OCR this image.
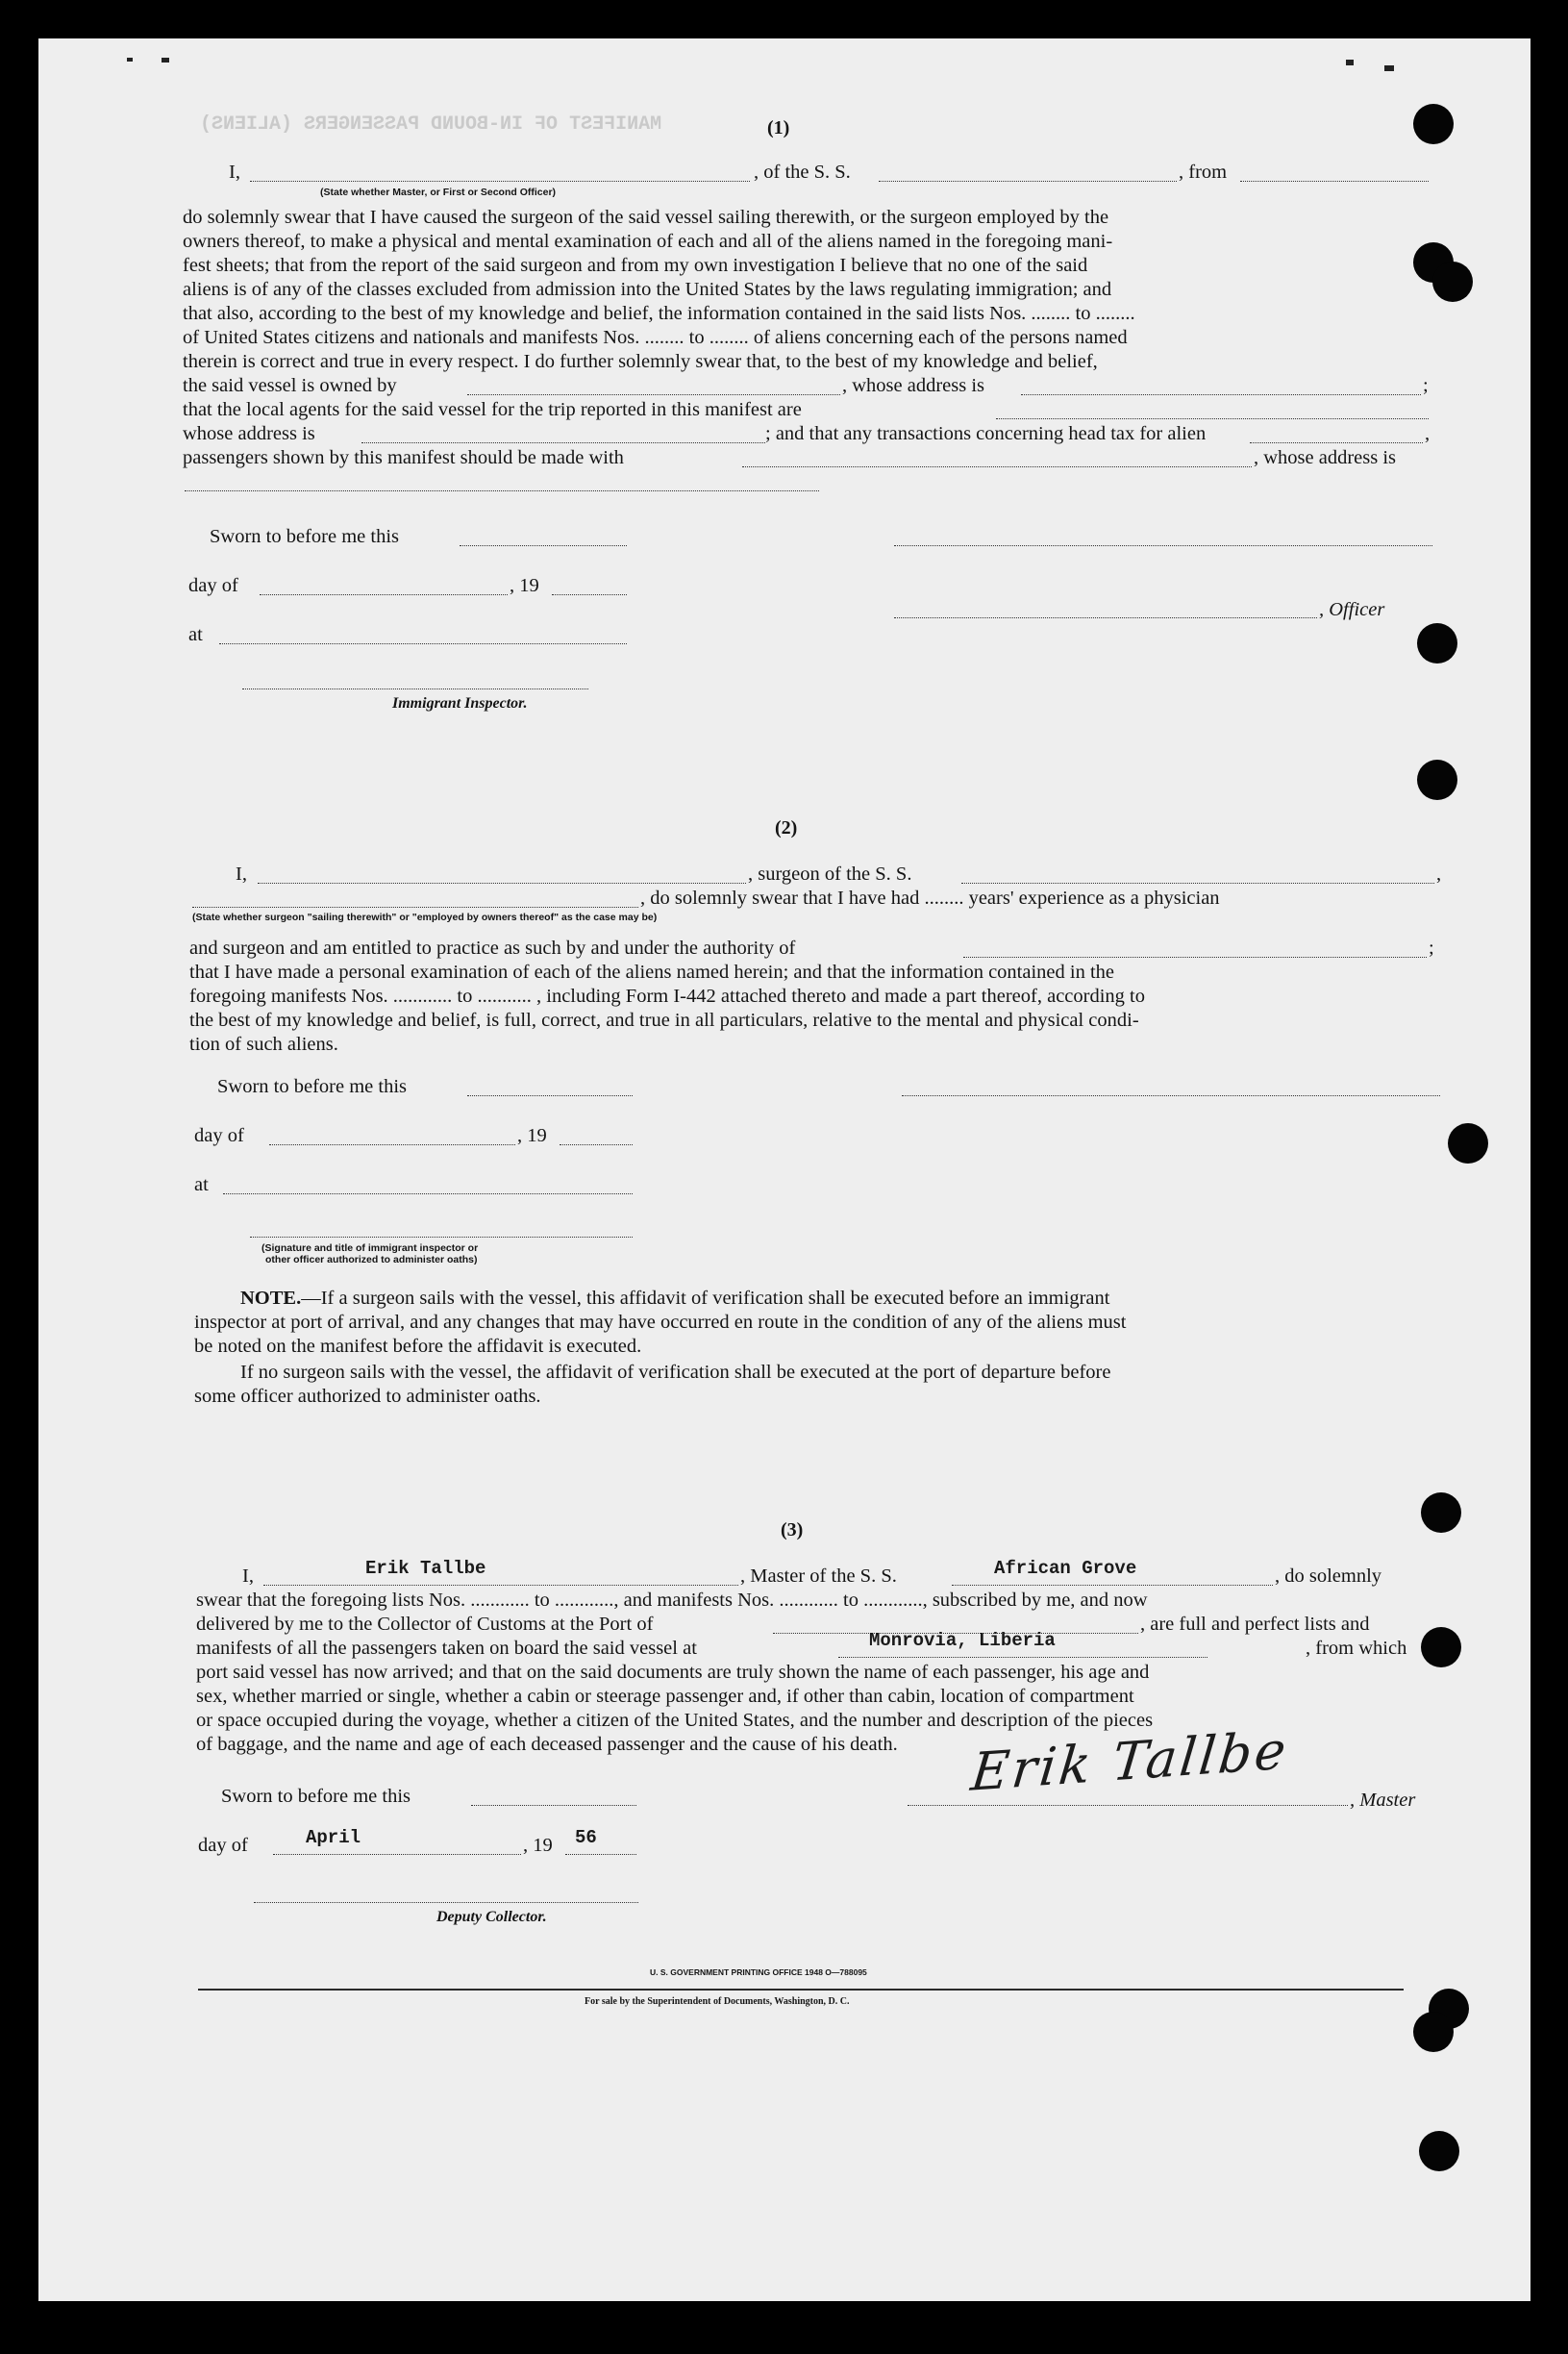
MANIFEST OF IN-BOUND PASSENGERS (ALIENS)	(1)
I,	, of the S. S.	, from
(State whether Master, or First or Second Officer)
do solemnly swear that I have caused the surgeon of the said vessel sailing therewith, or the surgeon employed by the
owners thereof, to make a physical and mental examination of each and all of the aliens named in the foregoing mani-
fest sheets; that from the report of the said surgeon and from my own investigation I believe that no one of the said
aliens is of any of the classes excluded from admission into the United States by the laws regulating immigration; and
that also, according to the best of my knowledge and belief, the information contained in the said lists Nos. ........ to ........
of United States citizens and nationals and manifests Nos. ........ to ........ of aliens concerning each of the persons named
therein is correct and true in every respect. I do further solemnly swear that, to the best of my knowledge and belief,
the said vessel is owned by	, whose address is	;
that the local agents for the said vessel for the trip reported in this manifest are
whose address is	; and that any transactions concerning head tax for alien	,
passengers shown by this manifest should be made with	, whose address is
Sworn to before me this
day of	, 19
, Officer
at
Immigrant Inspector.
(2)
I,	, surgeon of the S. S.	,
, do solemnly swear that I have had ........ years' experience as a physician
(State whether surgeon "sailing therewith" or "employed by owners thereof" as the case may be)
and surgeon and am entitled to practice as such by and under the authority of	;
that I have made a personal examination of each of the aliens named herein; and that the information contained in the
foregoing manifests Nos. ............ to ........... , including Form I-442 attached thereto and made a part thereof, according to
the best of my knowledge and belief, is full, correct, and true in all particulars, relative to the mental and physical condi-
tion of such aliens.
Sworn to before me this
day of	, 19
at
(Signature and title of immigrant inspector or
other officer authorized to administer oaths)
NOTE.—If a surgeon sails with the vessel, this affidavit of verification shall be executed before an immigrant
inspector at port of arrival, and any changes that may have occurred en route in the condition of any of the aliens must
be noted on the manifest before the affidavit is executed.
If no surgeon sails with the vessel, the affidavit of verification shall be executed at the port of departure before
some officer authorized to administer oaths.
(3)
I,	Erik Tallbe	, Master of the S. S.	African Grove	, do solemnly
swear that the foregoing lists Nos. ............ to ............, and manifests Nos. ............ to ............, subscribed by me, and now
delivered by me to the Collector of Customs at the Port of	, are full and perfect lists and
manifests of all the passengers taken on board the said vessel at	Monrovia, Liberia	, from which
port said vessel has now arrived; and that on the said documents are truly shown the name of each passenger, his age and
sex, whether married or single, whether a cabin or steerage passenger and, if other than cabin, location of compartment
or space occupied during the voyage, whether a citizen of the United States, and the number and description of the pieces
of baggage, and the name and age of each deceased passenger and the cause of his death.
Sworn to before me this	Erik Tallbe	, Master
day of	April	, 19 56
Deputy Collector.
U. S. GOVERNMENT PRINTING OFFICE 1948 O—788095
For sale by the Superintendent of Documents, Washington, D. C.
